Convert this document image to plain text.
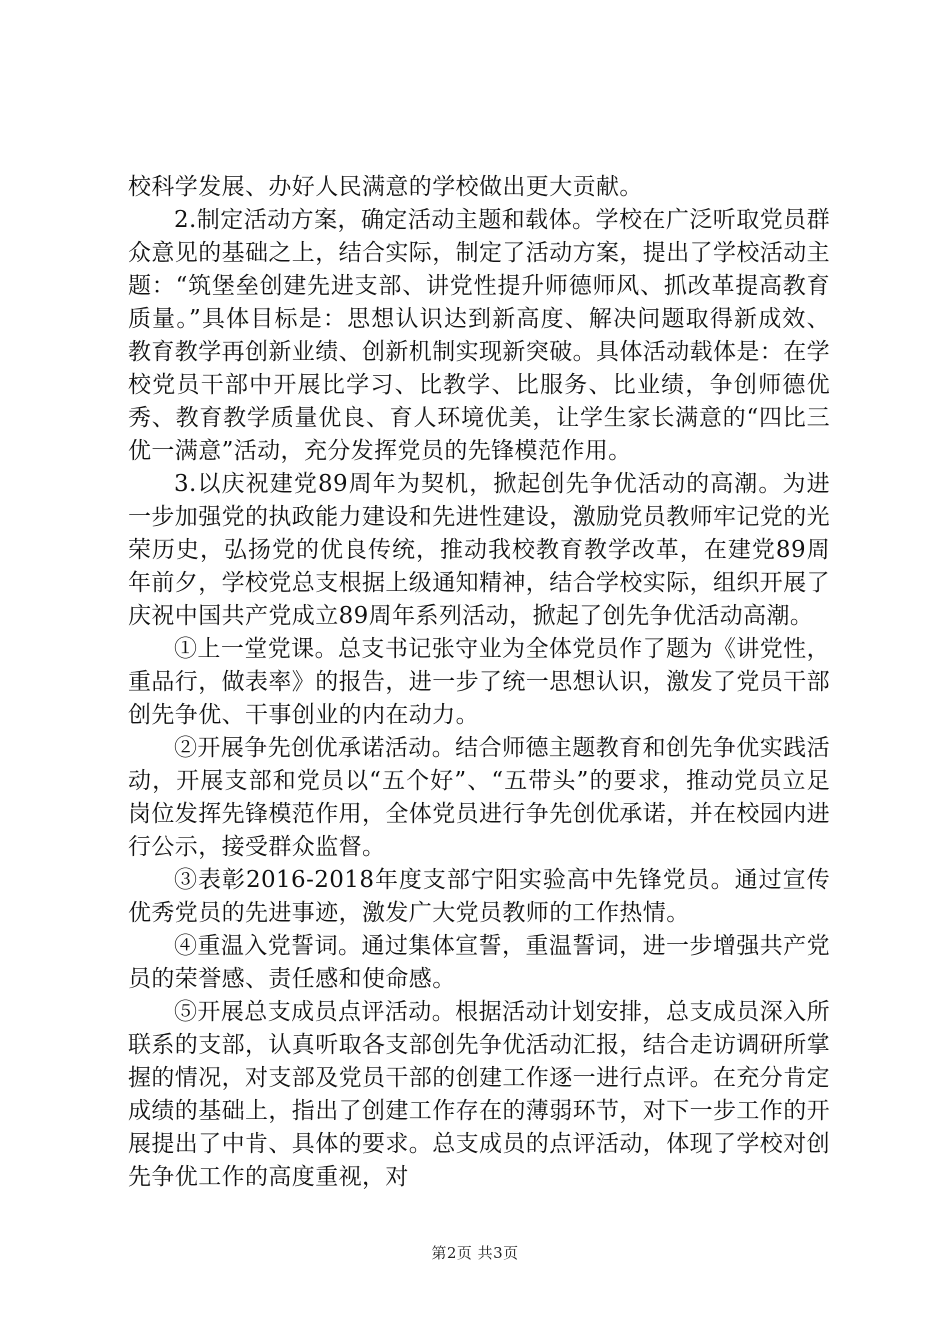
校科学发展、办好人民满意的学校做出更大贡献。

2.制定活动方案，确定活动主题和载体。学校在广泛听取党员群众意见的基础之上，结合实际，制定了活动方案，提出了学校活动主题：“筑堡垒创建先进支部、讲党性提升师德师风、抓改革提高教育质量。”具体目标是：思想认识达到新高度、解决问题取得新成效、教育教学再创新业绩、创新机制实现新突破。具体活动载体是：在学校党员干部中开展比学习、比教学、比服务、比业绩，争创师德优秀、教育教学质量优良、育人环境优美，让学生家长满意的“四比三优一满意”活动，充分发挥党员的先锋模范作用。

3.以庆祝建党89周年为契机，掀起创先争优活动的高潮。为进一步加强党的执政能力建设和先进性建设，激励党员教师牢记党的光荣历史，弘扬党的优良传统，推动我校教育教学改革，在建党89周年前夕，学校党总支根据上级通知精神，结合学校实际，组织开展了庆祝中国共产党成立89周年系列活动，掀起了创先争优活动高潮。

①上一堂党课。总支书记张守业为全体党员作了题为《讲党性，重品行，做表率》的报告，进一步了统一思想认识，激发了党员干部创先争优、干事创业的内在动力。

②开展争先创优承诺活动。结合师德主题教育和创先争优实践活动，开展支部和党员以“五个好”、“五带头”的要求，推动党员立足岗位发挥先锋模范作用，全体党员进行争先创优承诺，并在校园内进行公示，接受群众监督。

③表彰2016-2018年度支部宁阳实验高中先锋党员。通过宣传优秀党员的先进事迹，激发广大党员教师的工作热情。

④重温入党誓词。通过集体宣誓，重温誓词，进一步增强共产党员的荣誉感、责任感和使命感。

⑤开展总支成员点评活动。根据活动计划安排，总支成员深入所联系的支部，认真听取各支部创先争优活动汇报，结合走访调研所掌握的情况，对支部及党员干部的创建工作逐一进行点评。在充分肯定成绩的基础上，指出了创建工作存在的薄弱环节，对下一步工作的开展提出了中肯、具体的要求。总支成员的点评活动，体现了学校对创先争优工作的高度重视，对

第2页 共3页
